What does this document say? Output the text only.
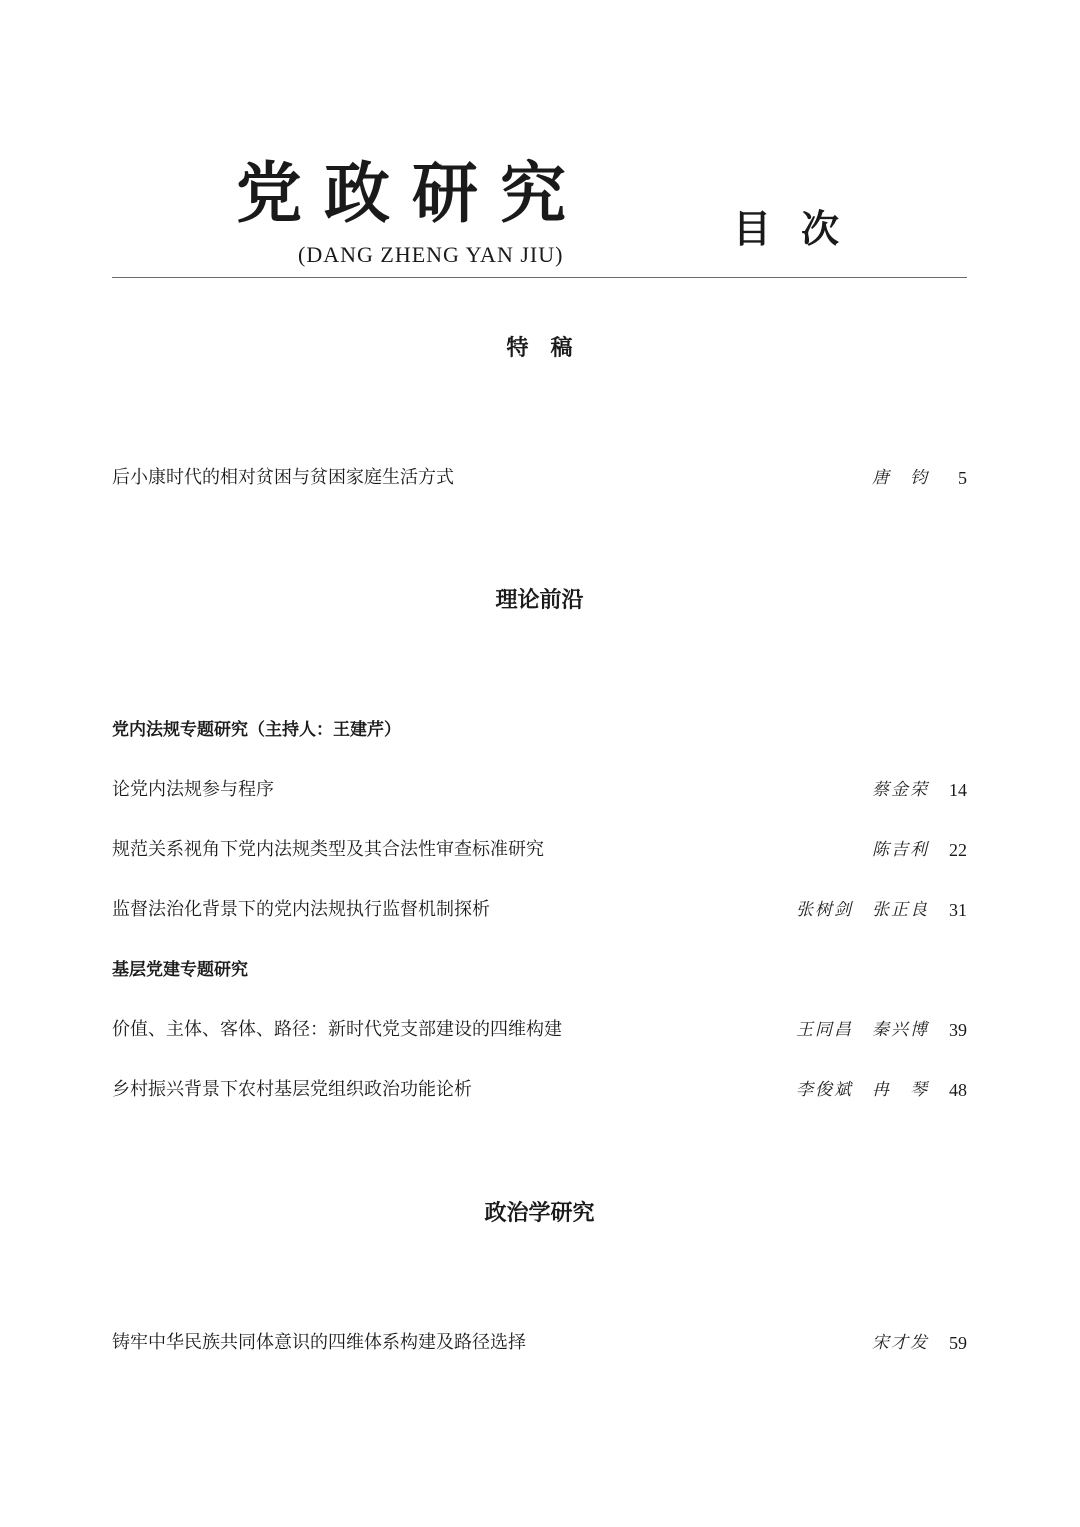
党政研究
(DANG ZHENG YAN JIU)
目次
特　稿
后小康时代的相对贫困与贫困家庭生活方式	唐　钧	5
理论前沿
党内法规专题研究（主持人：王建芹）
论党内法规参与程序	蔡金荣	14
规范关系视角下党内法规类型及其合法性审查标准研究	陈吉利	22
监督法治化背景下的党内法规执行监督机制探析	张树剑　张正良	31
基层党建专题研究
价值、主体、客体、路径：新时代党支部建设的四维构建	王同昌　秦兴博	39
乡村振兴背景下农村基层党组织政治功能论析	李俊斌　冉　琴	48
政治学研究
铸牢中华民族共同体意识的四维体系构建及路径选择	宋才发	59
